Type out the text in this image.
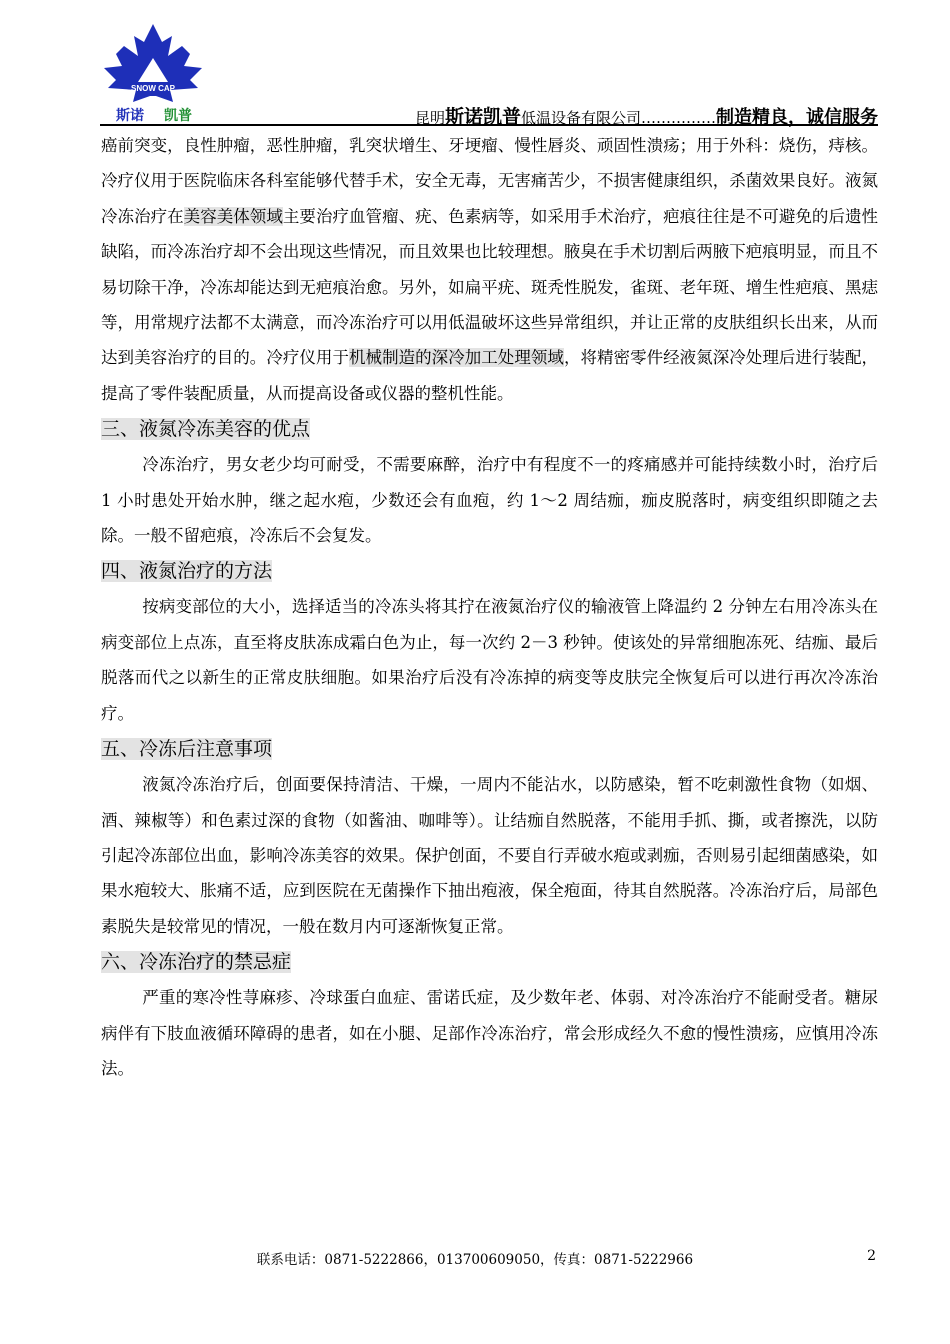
SNOW CAP
斯诺 凯普	昆明斯诺凯普低温设备有限公司……………制造精良，诚信服务

癌前突变，良性肿瘤，恶性肿瘤，乳突状增生、牙埂瘤、慢性唇炎、顽固性溃疡；用于外科：烧伤，痔核。冷疗仪用于医院临床各科室能够代替手术，安全无毒，无害痛苦少，不损害健康组织，杀菌效果良好。液氮冷冻治疗在美容美体领域主要治疗血管瘤、疣、色素病等，如采用手术治疗，疤痕往往是不可避免的后遗性缺陷，而冷冻治疗却不会出现这些情况，而且效果也比较理想。腋臭在手术切割后两腋下疤痕明显，而且不易切除干净，冷冻却能达到无疤痕治愈。另外，如扁平疣、斑秃性脱发，雀斑、老年斑、增生性疤痕、黑痣等，用常规疗法都不太满意，而冷冻治疗可以用低温破坏这些异常组织，并让正常的皮肤组织长出来，从而达到美容治疗的目的。冷疗仪用于机械制造的深冷加工处理领域，将精密零件经液氮深冷处理后进行装配，提高了零件装配质量，从而提高设备或仪器的整机性能。

三、液氮冷冻美容的优点

冷冻治疗，男女老少均可耐受，不需要麻醉，治疗中有程度不一的疼痛感并可能持续数小时，治疗后 1 小时患处开始水肿，继之起水疱，少数还会有血疱，约 1～2 周结痂，痂皮脱落时，病变组织即随之去除。一般不留疤痕，冷冻后不会复发。

四、液氮治疗的方法

按病变部位的大小，选择适当的冷冻头将其拧在液氮治疗仪的输液管上降温约 2 分钟左右用冷冻头在病变部位上点冻，直至将皮肤冻成霜白色为止，每一次约 2－3 秒钟。使该处的异常细胞冻死、结痂、最后脱落而代之以新生的正常皮肤细胞。如果治疗后没有冷冻掉的病变等皮肤完全恢复后可以进行再次冷冻治疗。

五、冷冻后注意事项

液氮冷冻治疗后，创面要保持清洁、干燥，一周内不能沾水，以防感染，暂不吃刺激性食物（如烟、酒、辣椒等）和色素过深的食物（如酱油、咖啡等）。让结痂自然脱落，不能用手抓、撕，或者擦洗，以防引起冷冻部位出血，影响冷冻美容的效果。保护创面，不要自行弄破水疱或剥痂，否则易引起细菌感染，如果水疱较大、胀痛不适，应到医院在无菌操作下抽出疱液，保全疱面，待其自然脱落。冷冻治疗后，局部色素脱失是较常见的情况，一般在数月内可逐渐恢复正常。

六、冷冻治疗的禁忌症

严重的寒冷性荨麻疹、冷球蛋白血症、雷诺氏症，及少数年老、体弱、对冷冻治疗不能耐受者。糖尿病伴有下肢血液循环障碍的患者，如在小腿、足部作冷冻治疗，常会形成经久不愈的慢性溃疡，应慎用冷冻法。

联系电话：0871-5222866，013700609050，传真：0871-5222966	2
